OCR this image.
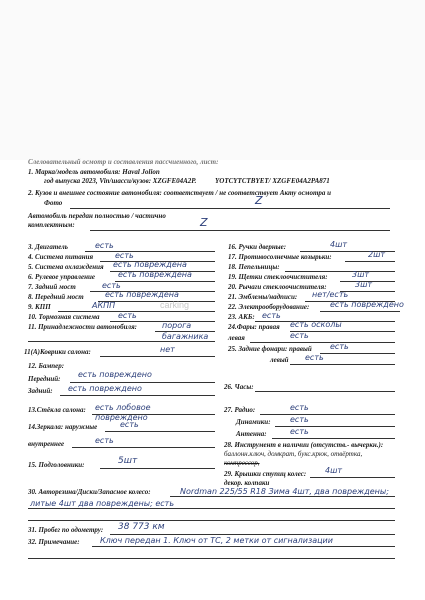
Слеловательный осмотр и составления пассчиенного, лист:
1. Марка/модель автомобиля: Haval Jolion
год выпуска 2023, Vin/шасси/кузов: XZGFE04A2P.	YOTCYTCTBYET/ XZGFE04A2PA871
2. Кузов и внешнее состояние автомобиля: соответствует / не соответствует Акту осмотра и
Фото	Z
Автомобиль передан полностью / частично
комплектным:	Z
3. Двигатель	есть
4. Система питания	есть
5. Система охлаждения есть повреждена
6. Рулевое управление	есть повреждена
7. Задний мост	есть
8. Передний мост	есть повреждена
9. КПП	АКПП
10. Тормозная система есть
11. Принадлежности автомобиля:	порога багажника
16. Ручки дверные:	4шт
17. Противосолнечные козырьки:	2шт
18. Пепельницы:
19. Щетки стеклоочистителя:	3шт
20. Рычаги стеклоочистителя:	3шт
21. Эмблемы/надписи: нет/есть
22. Электрооборудование:	есть повреждено
23. АКБ: есть
24.Фары: правая есть осколы
левая	есть
11(А)Коврики салона:	нет	25. Задние фонари: правый есть
левый есть
12. Бампер:
Передний: есть повреждено
Задний: есть повреждено	26. Часы:
13.Стёкла салона: есть лобовое повреждено
27. Радио:	есть
Динамики: есть
Антенна:	есть
14.Зеркала: наружные	есть
внутреннее	есть	28. Инструмент в наличии (отсутств.- вычеркн.):
баллонн.ключ, домкрат, букс.крюк, отвёртка,
компрессор,
15. Подголовники:	5шт
29. Крышки ступиц колес: 4шт
декор. колпаки
30. Авторезина/Диски/Запасное колесо:	Nordman 225/55 R18 Зима 4шт, два повреждены; литые 4шт два повреждены; есть
31. Пробег по одометру: 38 773 км
32. Примечание:	Ключ передан 1. Ключ от ТС, 2 метки от сигнализации
carking
